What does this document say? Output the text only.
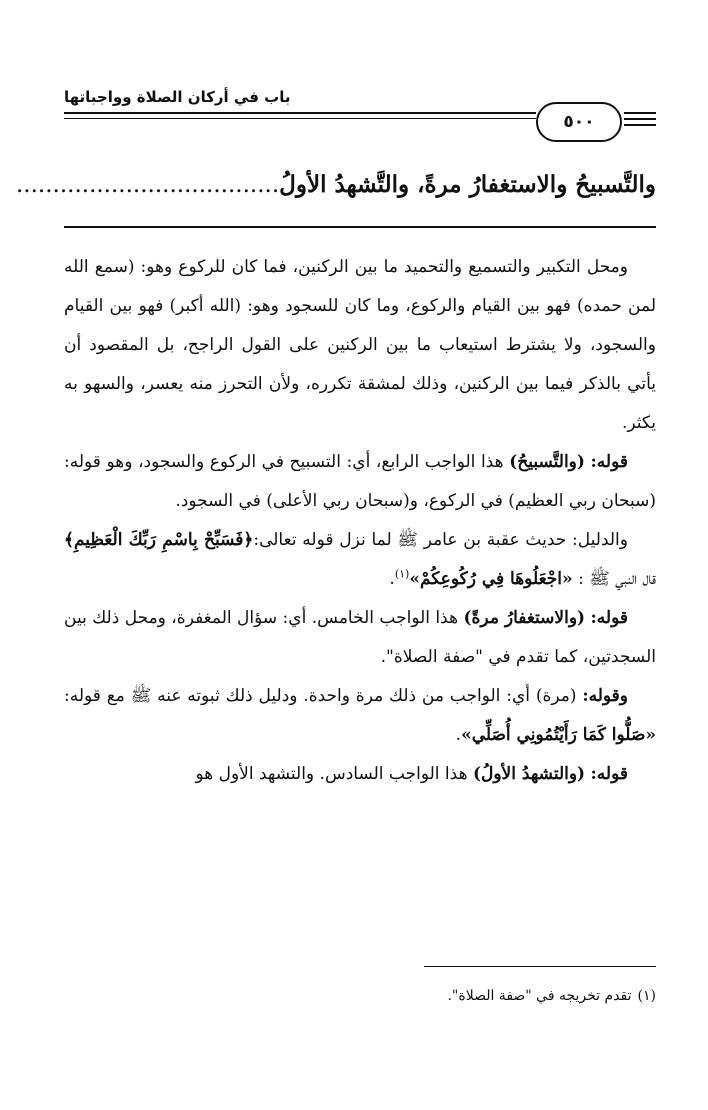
باب في أركان الصلاة وواجباتها
٥٠٠
والتَّسبيحُ والاستغفارُ مرةً، والتَّشهدُ الأولُ....................................

ومحل التكبير والتسميع والتحميد ما بين الركنين، فما كان للركوع وهو: (سمع الله لمن حمده) فهو بين القيام والركوع، وما كان للسجود وهو: (الله أكبر) فهو بين القيام والسجود، ولا يشترط استيعاب ما بين الركنين على القول الراجح، بل المقصود أن يأتي بالذكر فيما بين الركنين، وذلك لمشقة تكرره، ولأن التحرز منه يعسر، والسهو به يكثر.

قوله: (والتَّسبيحُ) هذا الواجب الرابع، أي: التسبيح في الركوع والسجود، وهو قوله: (سبحان ربي العظيم) في الركوع، و(سبحان ربي الأعلى) في السجود.

والدليل: حديث عقبة بن عامر ﷺ لما نزل قوله تعالى:﴿فَسَبِّحْ بِاسْمِ رَبِّكَ الْعَظِيمِ﴾ قال النبي ﷺ : «اجْعَلُوهَا فِي رُكُوعِكُمْ»$^{(١)}$.

قوله: (والاستغفارُ مرةً) هذا الواجب الخامس. أي: سؤال المغفرة، ومحل ذلك بين السجدتين، كما تقدم في "صفة الصلاة".

وقوله: (مرة) أي: الواجب من ذلك مرة واحدة. ودليل ذلك ثبوته عنه ﷺ مع قوله: «صَلُّوا كَمَا رَأَيْتُمُونِي أُصَلِّي».

قوله: (والتشهدُ الأولُ) هذا الواجب السادس. والتشهد الأول هو

(١)تقدم تخريجه في "صفة الصلاة".
